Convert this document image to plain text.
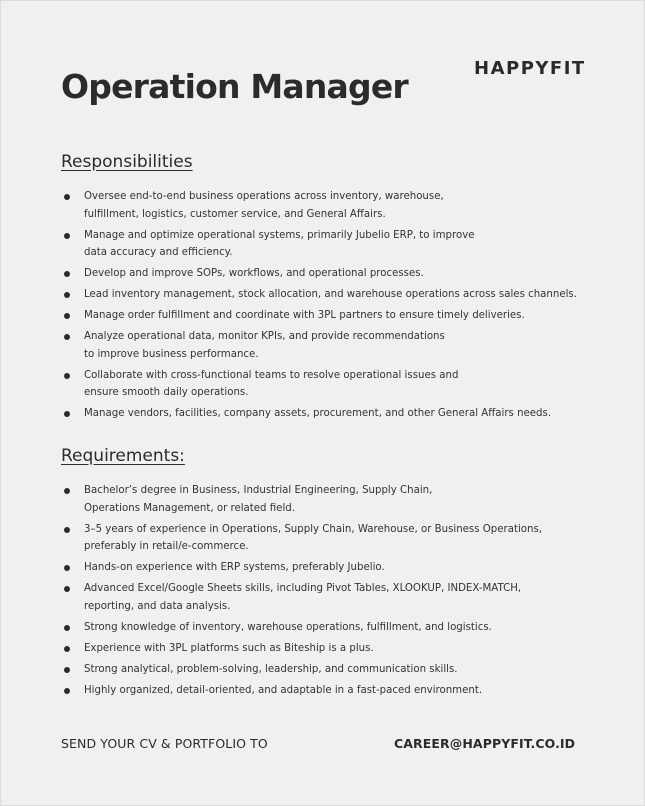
HAPPYFIT
Operation Manager
Responsibilities
Oversee end-to-end business operations across inventory, warehouse,
fulfillment, logistics, customer service, and General Affairs.
Manage and optimize operational systems, primarily Jubelio ERP, to improve
data accuracy and efficiency.
Develop and improve SOPs, workflows, and operational processes.
Lead inventory management, stock allocation, and warehouse operations across sales channels.
Manage order fulfillment and coordinate with 3PL partners to ensure timely deliveries.
Analyze operational data, monitor KPIs, and provide recommendations
to improve business performance.
Collaborate with cross-functional teams to resolve operational issues and
ensure smooth daily operations.
Manage vendors, facilities, company assets, procurement, and other General Affairs needs.
Requirements:
Bachelor’s degree in Business, Industrial Engineering, Supply Chain,
Operations Management, or related field.
3–5 years of experience in Operations, Supply Chain, Warehouse, or Business Operations,
preferably in retail/e-commerce.
Hands-on experience with ERP systems, preferably Jubelio.
Advanced Excel/Google Sheets skills, including Pivot Tables, XLOOKUP, INDEX-MATCH,
reporting, and data analysis.
Strong knowledge of inventory, warehouse operations, fulfillment, and logistics.
Experience with 3PL platforms such as Biteship is a plus.
Strong analytical, problem-solving, leadership, and communication skills.
Highly organized, detail-oriented, and adaptable in a fast-paced environment.
SEND YOUR CV & PORTFOLIO TO	CAREER@HAPPYFIT.CO.ID
